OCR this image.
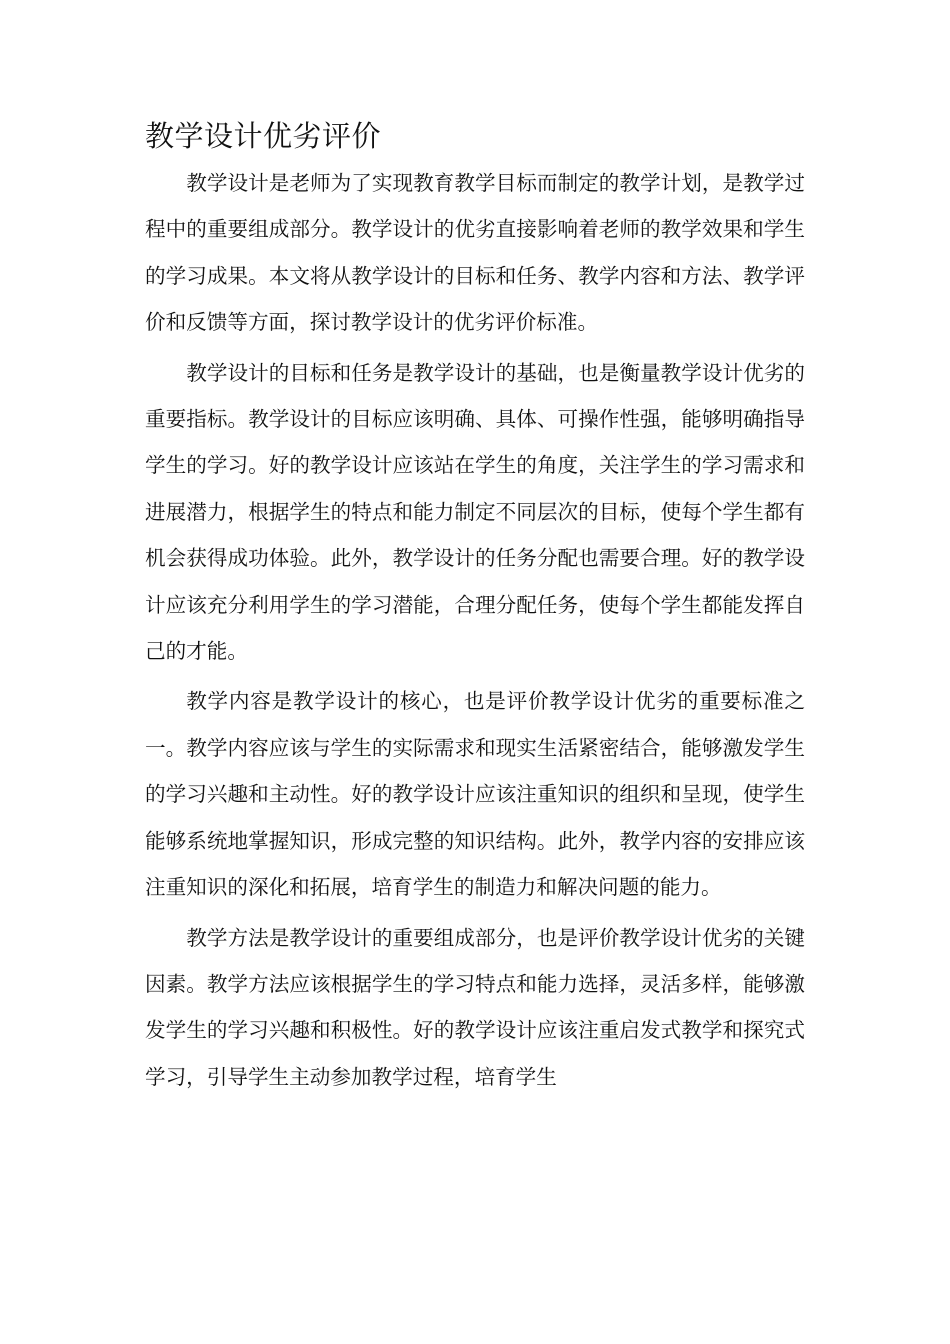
教学设计优劣评价

教学设计是老师为了实现教育教学目标而制定的教学计划，是教学过程中的重要组成部分。教学设计的优劣直接影响着老师的教学效果和学生的学习成果。本文将从教学设计的目标和任务、教学内容和方法、教学评价和反馈等方面，探讨教学设计的优劣评价标准。

教学设计的目标和任务是教学设计的基础，也是衡量教学设计优劣的重要指标。教学设计的目标应该明确、具体、可操作性强，能够明确指导学生的学习。好的教学设计应该站在学生的角度，关注学生的学习需求和进展潜力，根据学生的特点和能力制定不同层次的目标，使每个学生都有机会获得成功体验。此外，教学设计的任务分配也需要合理。好的教学设计应该充分利用学生的学习潜能，合理分配任务，使每个学生都能发挥自己的才能。

教学内容是教学设计的核心，也是评价教学设计优劣的重要标准之一。教学内容应该与学生的实际需求和现实生活紧密结合，能够激发学生的学习兴趣和主动性。好的教学设计应该注重知识的组织和呈现，使学生能够系统地掌握知识，形成完整的知识结构。此外，教学内容的安排应该注重知识的深化和拓展，培育学生的制造力和解决问题的能力。

教学方法是教学设计的重要组成部分，也是评价教学设计优劣的关键因素。教学方法应该根据学生的学习特点和能力选择，灵活多样，能够激发学生的学习兴趣和积极性。好的教学设计应该注重启发式教学和探究式学习，引导学生主动参加教学过程，培育学生
